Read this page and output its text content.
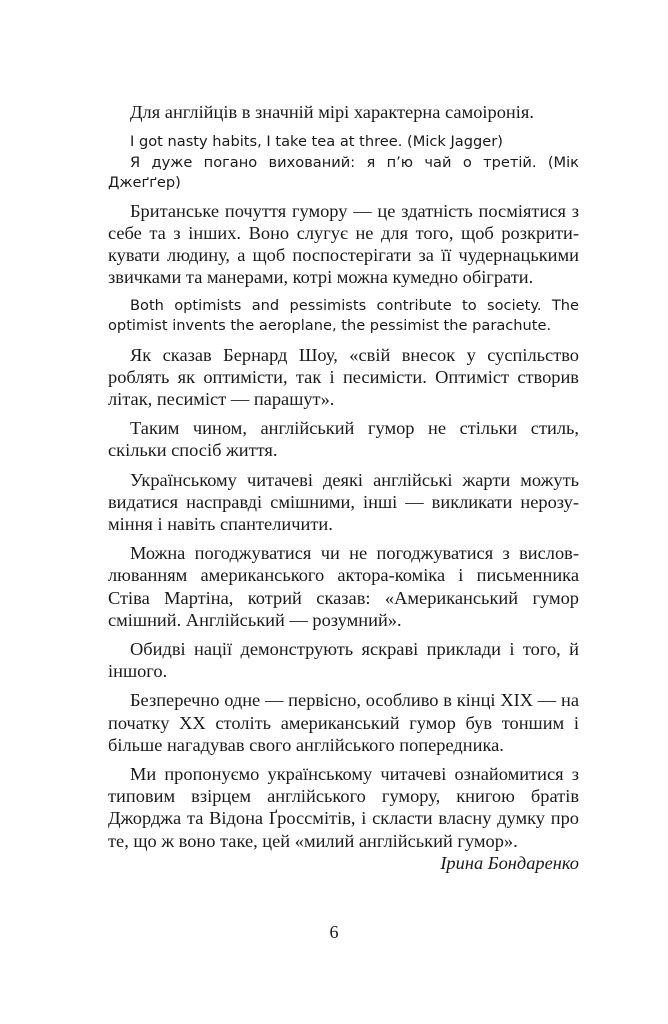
Для англійців в значній мірі характерна самоіронія.

I got nasty habits, I take tea at three. (Mick Jagger)

Я дуже погано вихований: я п’ю чай о третій. (Мік Джеґґер)

Британське почуття гумору — це здатність посміятися з себе та з інших. Воно слугує не для того, щоб розкритикувати людину, а щоб поспостерігати за її чудернацькими звичками та манерами, котрі можна кумедно обіграти.

Both optimists and pessimists contribute to society. The optimist invents the aeroplane, the pessimist the parachute.

Як сказав Бернард Шоу, «свій внесок у суспільство роблять як оптимісти, так і песимісти. Оптиміст створив літак, песиміст — парашут».

Таким чином, англійський гумор не стільки стиль, скільки спосіб життя.

Українському читачеві деякі англійські жарти можуть видатися насправді смішними, інші — викликати нерозуміння і навіть спантеличити.

Можна погоджуватися чи не погоджуватися з висловлюванням американського актора-коміка і письменника Стіва Мартіна, котрий сказав: «Американський гумор смішний. Англійський — розумний».

Обидві нації демонструють яскраві приклади і того, й іншого.

Безперечно одне — первісно, особливо в кінці XIX — на початку XX століть американський гумор був тоншим і більше нагадував свого англійського попередника.

Ми пропонуємо українському читачеві ознайомитися з типовим взірцем англійського гумору, книгою братів Джорджа та Відона Ґроссмітів, і скласти власну думку про те, що ж воно таке, цей «милий англійський гумор».

Ірина Бондаренко

6
